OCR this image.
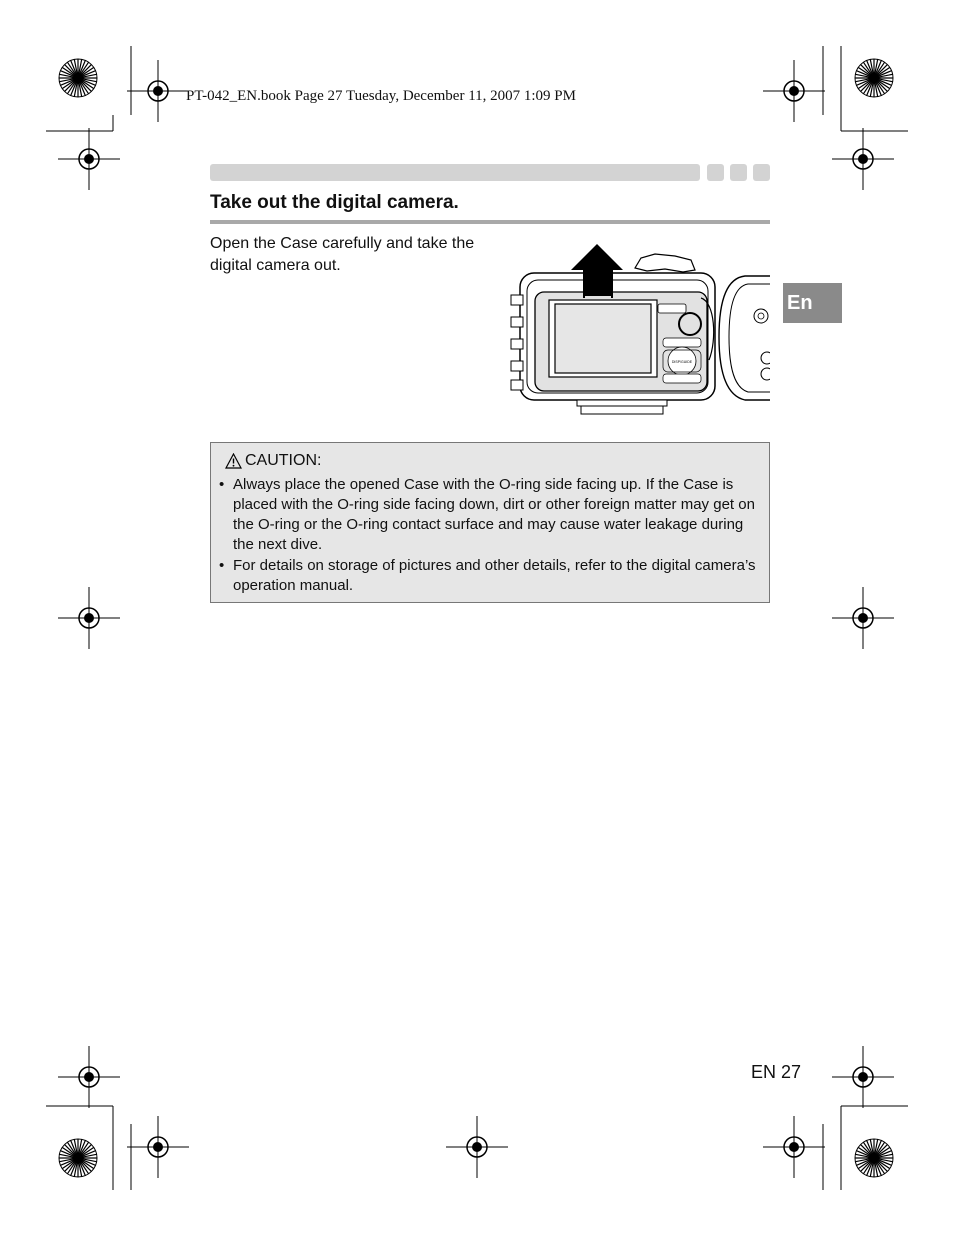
PT-042_EN.book Page 27 Tuesday, December 11, 2007 1:09 PM
Take out the digital camera.
Open the Case carefully and take the digital camera out.
DISP/GUIDE
En
CAUTION:
• Always place the opened Case with the O-ring side facing up. If the Case is placed with the O-ring side facing down, dirt or other foreign matter may get on the O-ring or the O-ring contact surface and may cause water leakage during the next dive.
• For details on storage of pictures and other details, refer to the digital camera’s operation manual.
EN 27
